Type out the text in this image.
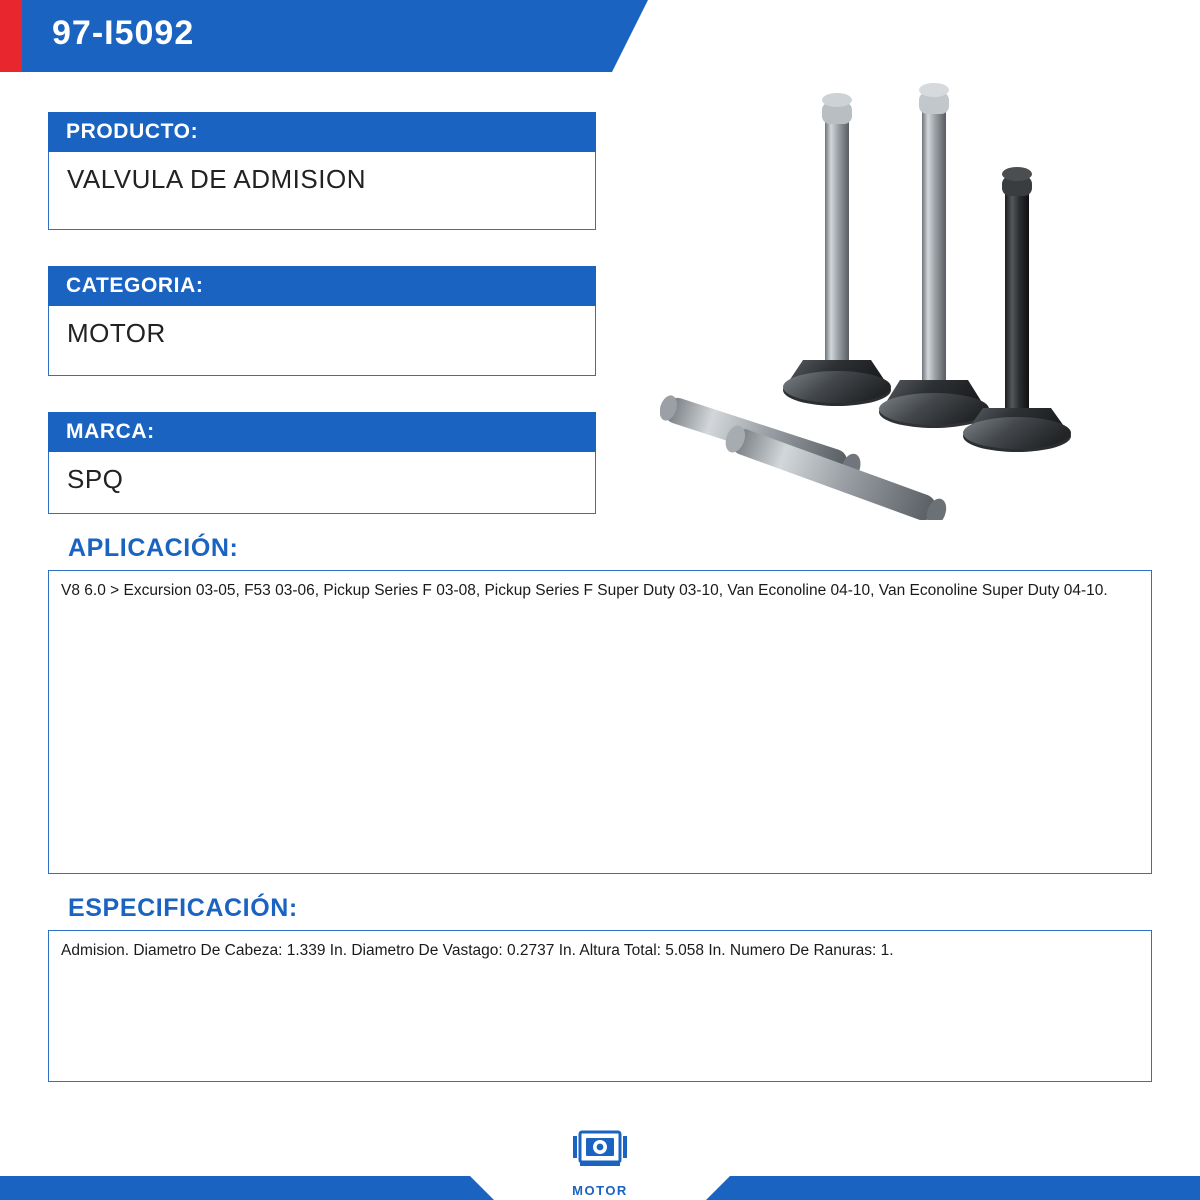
97-I5092
PRODUCTO:
VALVULA DE ADMISION
CATEGORIA:
MOTOR
MARCA:
SPQ
APLICACIÓN:
V8 6.0 > Excursion 03-05, F53 03-06, Pickup Series F 03-08, Pickup Series F Super Duty 03-10, Van Econoline 04-10, Van Econoline Super Duty 04-10.
ESPECIFICACIÓN:
Admision. Diametro De Cabeza: 1.339 In. Diametro De Vastago: 0.2737 In. Altura Total: 5.058 In. Numero De Ranuras: 1.
MOTOR
